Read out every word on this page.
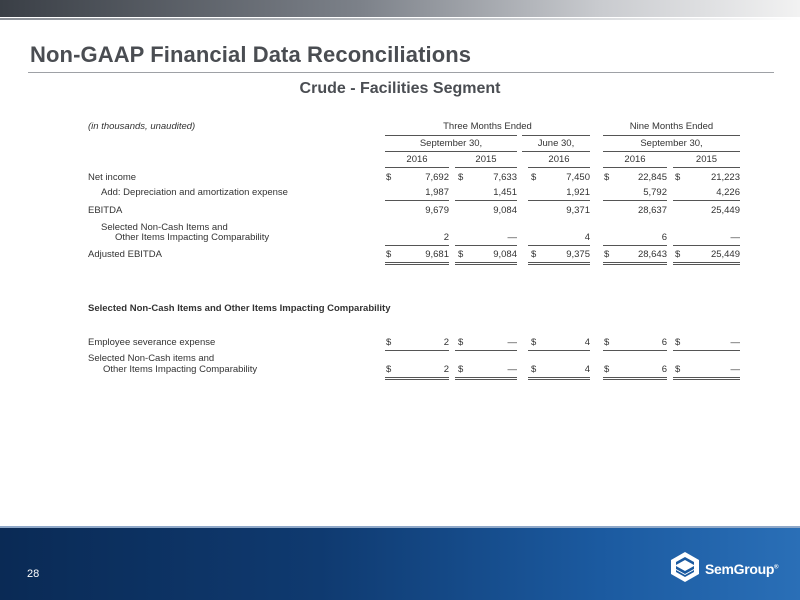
Non-GAAP Financial Data Reconciliations
Crude - Facilities Segment
(in thousands, unaudited)	Three Months Ended	Nine Months Ended
September 30,	June 30,	September 30,
2016	2015	2016	2016	2015
Net income	$	7,692 $	7,633 $	7,450 $	22,845 $	21,223
Add: Depreciation and amortization expense	1,987	1,451	1,921	5,792	4,226
EBITDA	9,679	9,084	9,371	28,637	25,449
Selected Non-Cash Items and
Other Items Impacting Comparability	2	—	4	6	—
Adjusted EBITDA	$	9,681 $	9,084 $	9,375 $	28,643 $	25,449
Selected Non-Cash Items and Other Items Impacting Comparability
Employee severance expense	$	2 $	— $	4 $	6 $	—
Selected Non-Cash items and
Other Items Impacting Comparability	$	2 $	— $	4 $	6 $	—
28	SemGroup®
